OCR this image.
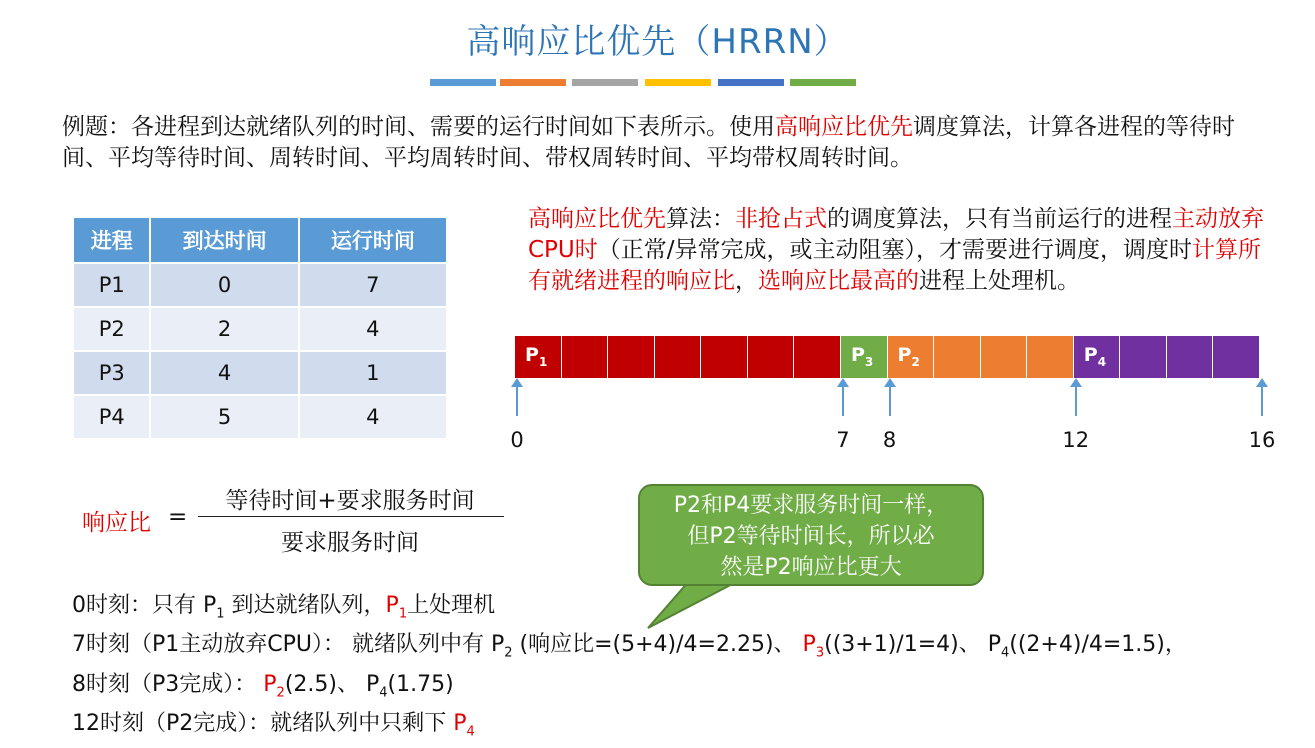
高响应比优先（HRRN）
例题：各进程到达就绪队列的时间、需要的运行时间如下表所示。使用高响应比优先调度算法，计算各进程的等待时间、平均等待时间、周转时间、平均周转时间、带权周转时间、平均带权周转时间。
进程	到达时间	运行时间
P1	0	7
P2	2	4
P3	4	1
P4	5	4
高响应比优先算法：非抢占式的调度算法，只有当前运行的进程主动放弃CPU时（正常/异常完成，或主动阻塞），才需要进行调度，调度时计算所有就绪进程的响应比，选响应比最高的进程上处理机。
$P_1$	$P_3$ $P_2$	$P_4$
0	7	8	12	16
响应比 =
等待时间+要求服务时间
要求服务时间
P2和P4要求服务时间一样，
但P2等待时间长，所以必
然是P2响应比更大
0时刻：只有 $P_1$ 到达就绪队列，$P_1$上处理机
7时刻（P1主动放弃CPU）： 就绪队列中有 $P_2$ (响应比=(5+4)/4=2.25)、 $P_3((3+1)/1=4)$、 $P_4((2+4)/4=1.5)$，
8时刻（P3完成）： $P_2(2.5)$、 $P_4(1.75)$
12时刻（P2完成）：就绪队列中只剩下 $P_4$
